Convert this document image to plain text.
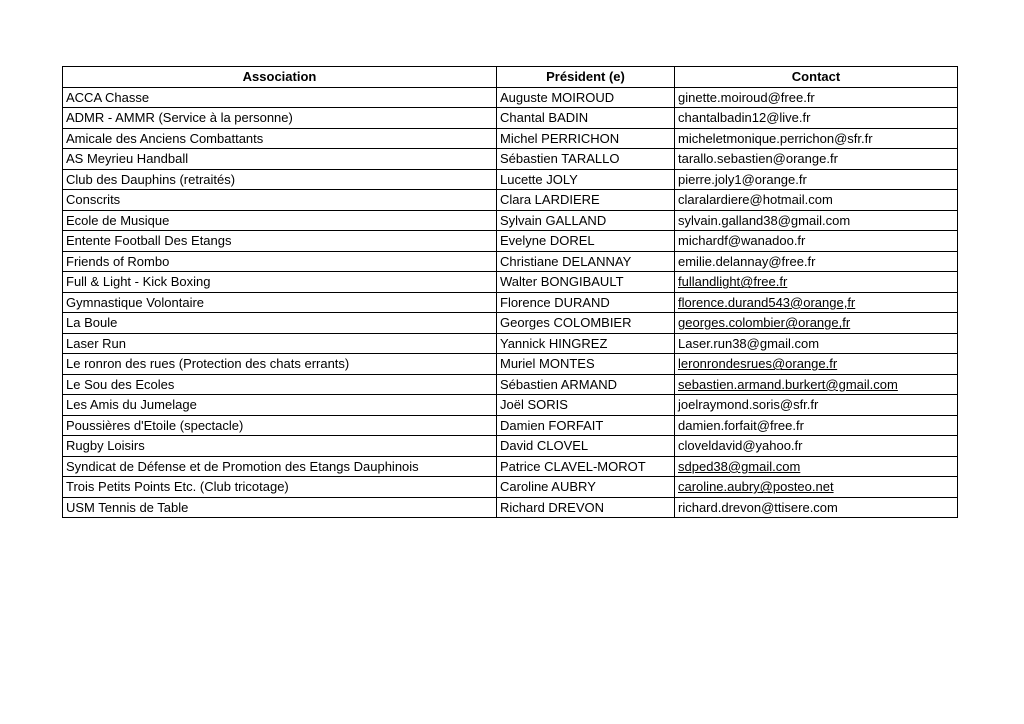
Association	Président (e)	Contact
ACCA Chasse	Auguste MOIROUD	ginette.moiroud@free.fr
ADMR - AMMR (Service à la personne)	Chantal BADIN	chantalbadin12@live.fr
Amicale des Anciens Combattants	Michel PERRICHON	micheletmonique.perrichon@sfr.fr
AS Meyrieu Handball	Sébastien TARALLO	tarallo.sebastien@orange.fr
Club des Dauphins (retraités)	Lucette JOLY	pierre.joly1@orange.fr
Conscrits	Clara LARDIERE	claralardiere@hotmail.com
Ecole de Musique	Sylvain GALLAND	sylvain.galland38@gmail.com
Entente Football Des Etangs	Evelyne DOREL	michardf@wanadoo.fr
Friends of Rombo	Christiane DELANNAY	emilie.delannay@free.fr
Full & Light - Kick Boxing	Walter BONGIBAULT	fullandlight@free.fr
Gymnastique Volontaire	Florence DURAND	florence.durand543@orange,fr
La Boule	Georges COLOMBIER	georges.colombier@orange,fr
Laser Run	Yannick HINGREZ	Laser.run38@gmail.com
Le ronron des rues (Protection des chats errants)	Muriel MONTES	leronrondesrues@orange.fr
Le Sou des Ecoles	Sébastien ARMAND	sebastien.armand.burkert@gmail.com
Les Amis du Jumelage	Joël SORIS	joelraymond.soris@sfr.fr
Poussières d'Etoile (spectacle)	Damien FORFAIT	damien.forfait@free.fr
Rugby Loisirs	David CLOVEL	cloveldavid@yahoo.fr
Syndicat de Défense et de Promotion des Etangs Dauphinois	Patrice CLAVEL-MOROT	sdped38@gmail.com
Trois Petits Points Etc. (Club tricotage)	Caroline AUBRY	caroline.aubry@posteo.net
USM Tennis de Table	Richard DREVON	richard.drevon@ttisere.com
